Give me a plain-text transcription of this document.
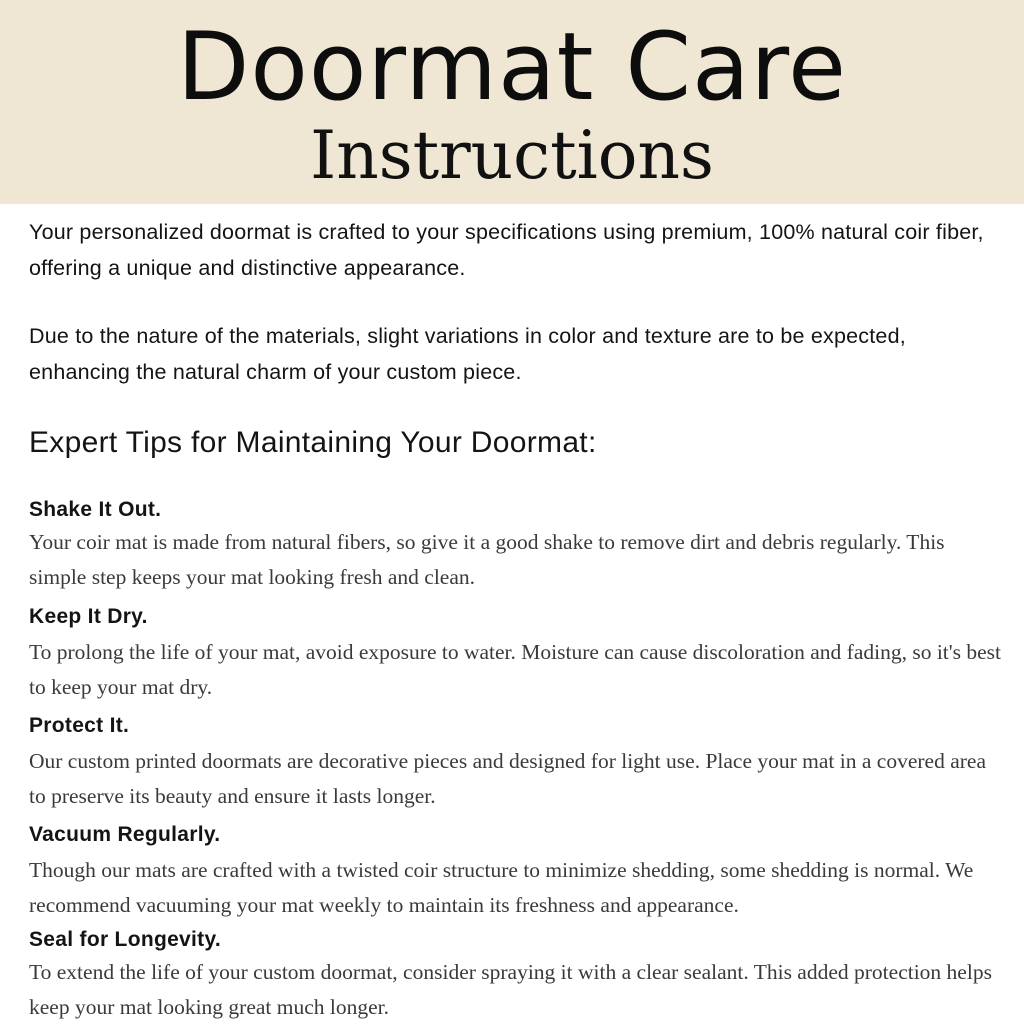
Doormat Care
Instructions

Your personalized doormat is crafted to your specifications using premium, 100% natural coir fiber, offering a unique and distinctive appearance.

Due to the nature of the materials, slight variations in color and texture are to be expected, enhancing the natural charm of your custom piece.

Expert Tips for Maintaining Your Doormat:
Shake It Out.

Your coir mat is made from natural fibers, so give it a good shake to remove dirt and debris regularly. This simple step keeps your mat looking fresh and clean.

Keep It Dry.

To prolong the life of your mat, avoid exposure to water. Moisture can cause discoloration and fading, so it's best to keep your mat dry.

Protect It.

Our custom printed doormats are decorative pieces and designed for light use. Place your mat in a covered area to preserve its beauty and ensure it lasts longer.

Vacuum Regularly.

Though our mats are crafted with a twisted coir structure to minimize shedding, some shedding is normal. We recommend vacuuming your mat weekly to maintain its freshness and appearance.

Seal for Longevity.

To extend the life of your custom doormat, consider spraying it with a clear sealant. This added protection helps keep your mat looking great much longer.
